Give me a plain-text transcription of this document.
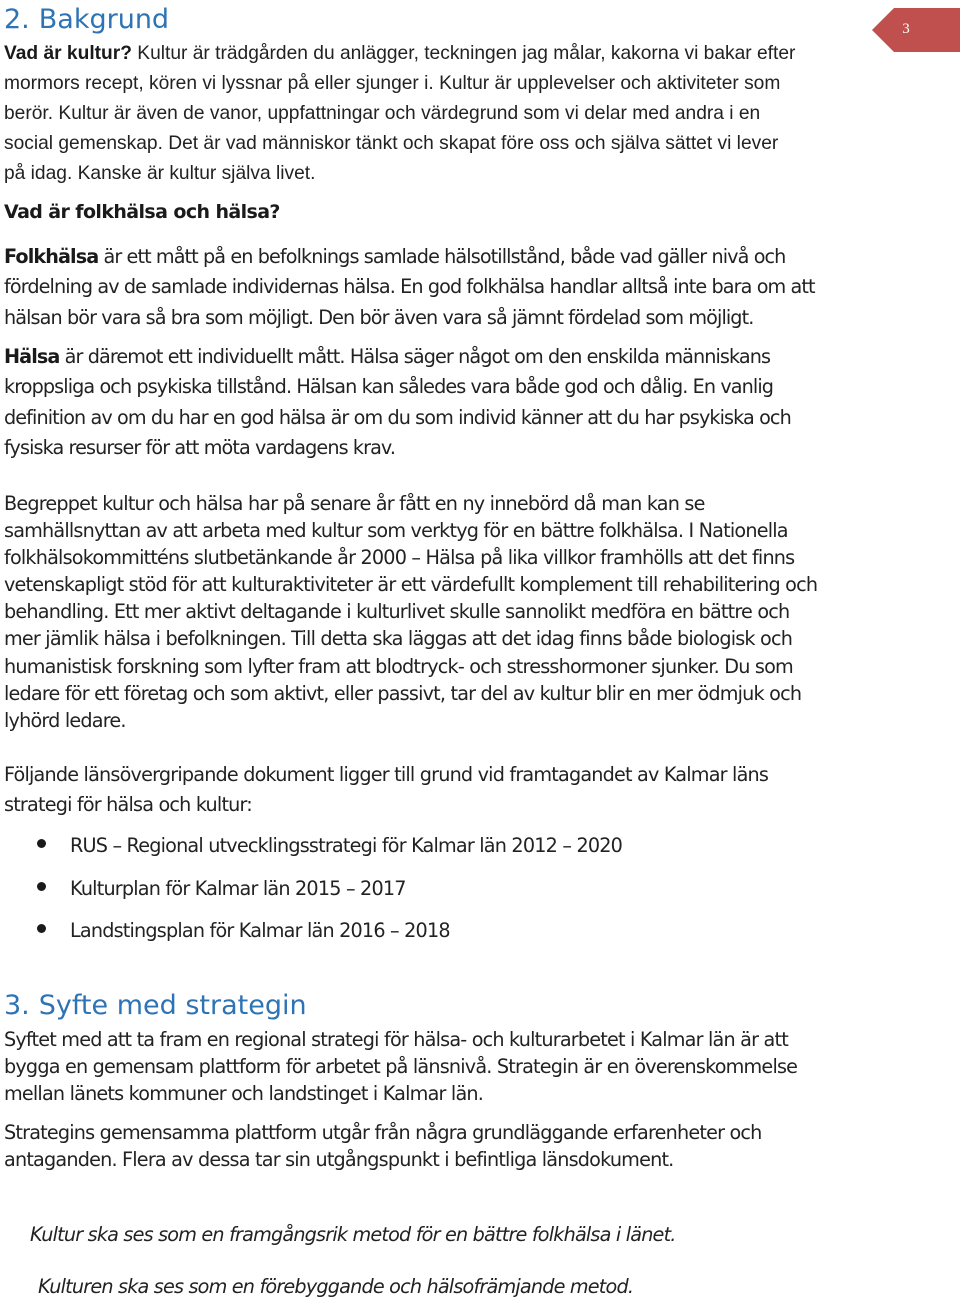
3
2. Bakgrund

Vad är kultur? Kultur är trädgården du anlägger, teckningen jag målar, kakorna vi bakar efter
mormors recept, kören vi lyssnar på eller sjunger i. Kultur är upplevelser och aktiviteter som
berör. Kultur är även de vanor, uppfattningar och värdegrund som vi delar med andra i en
social gemenskap. Det är vad människor tänkt och skapat före oss och själva sättet vi lever
på idag. Kanske är kultur själva livet.

Vad är folkhälsa och hälsa?

Folkhälsa är ett mått på en befolknings samlade hälsotillstånd, både vad gäller nivå och
fördelning av de samlade individernas hälsa. En god folkhälsa handlar alltså inte bara om att
hälsan bör vara så bra som möjligt. Den bör även vara så jämnt fördelad som möjligt.

Hälsa är däremot ett individuellt mått. Hälsa säger något om den enskilda människans
kroppsliga och psykiska tillstånd. Hälsan kan således vara både god och dålig. En vanlig
definition av om du har en god hälsa är om du som individ känner att du har psykiska och
fysiska resurser för att möta vardagens krav.

Begreppet kultur och hälsa har på senare år fått en ny innebörd då man kan se
samhällsnyttan av att arbeta med kultur som verktyg för en bättre folkhälsa. I Nationella
folkhälsokommitténs slutbetänkande år 2000 – Hälsa på lika villkor framhölls att det finns
vetenskapligt stöd för att kulturaktiviteter är ett värdefullt komplement till rehabilitering och
behandling. Ett mer aktivt deltagande i kulturlivet skulle sannolikt medföra en bättre och
mer jämlik hälsa i befolkningen. Till detta ska läggas att det idag finns både biologisk och
humanistisk forskning som lyfter fram att blodtryck- och stresshormoner sjunker. Du som
ledare för ett företag och som aktivt, eller passivt, tar del av kultur blir en mer ödmjuk och
lyhörd ledare.

Följande länsövergripande dokument ligger till grund vid framtagandet av Kalmar läns
strategi för hälsa och kultur:

RUS – Regional utvecklingsstrategi för Kalmar län 2012 – 2020
Kulturplan för Kalmar län 2015 – 2017
Landstingsplan för Kalmar län 2016 – 2018
3. Syfte med strategin

Syftet med att ta fram en regional strategi för hälsa- och kulturarbetet i Kalmar län är att
bygga en gemensam plattform för arbetet på länsnivå. Strategin är en överenskommelse
mellan länets kommuner och landstinget i Kalmar län.

Strategins gemensamma plattform utgår från några grundläggande erfarenheter och
antaganden. Flera av dessa tar sin utgångspunkt i befintliga länsdokument.

Kultur ska ses som en framgångsrik metod för en bättre folkhälsa i länet.

Kulturen ska ses som en förebyggande och hälsofrämjande metod.
